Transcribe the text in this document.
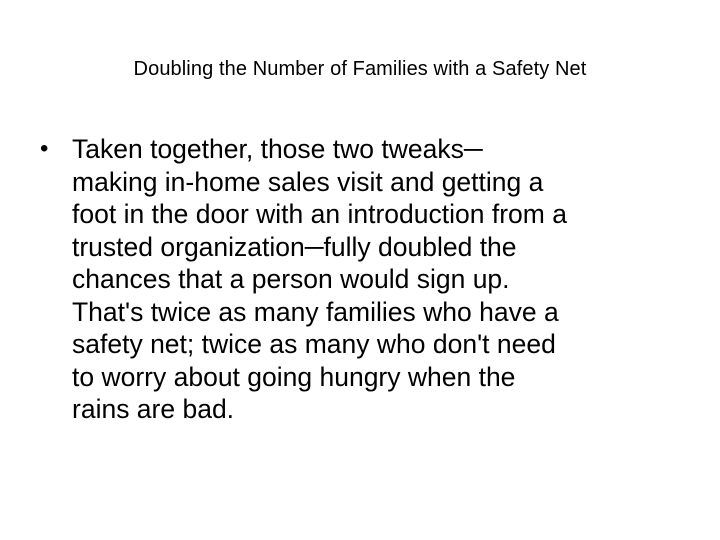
Doubling the Number of Families with a Safety Net
• Taken together, those two tweaks─
making in-home sales visit and getting a
foot in the door with an introduction from a
trusted organization─fully doubled the
chances that a person would sign up.
That's twice as many families who have a
safety net; twice as many who don't need
to worry about going hungry when the
rains are bad.
